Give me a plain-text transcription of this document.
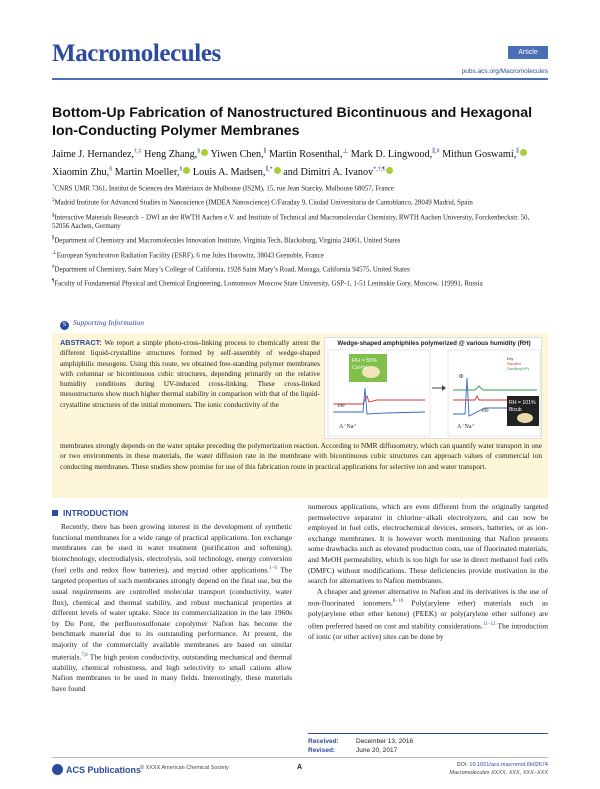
Macromolecules	Article
pubs.acs.org/Macromolecules
Bottom-Up Fabrication of Nanostructured Bicontinuous and Hexagonal Ion-Conducting Polymer Membranes
Jaime J. Hernandez,†,‡ Heng Zhang,§ Yiwen Chen,∥ Martin Rosenthal,⊥ Mark D. Lingwood,∥,# Mithun Goswami,∥ Xiaomin Zhu,§ Martin Moeller,§ Louis A. Madsen,∥,* and Dimitri A. Ivanov*,†,¶

†CNRS UMR 7361, Institut de Sciences des Matériaux de Mulhouse (IS2M), 15, rue Jean Starcky, Mulhouse 68057, France

‡Madrid Institute for Advanced Studies in Nanoscience (IMDEA Nanoscience) C/Faraday 9, Ciudad Universitaria de Cantoblanco, 28049 Madrid, Spain

§Interactive Materials Research − DWI an der RWTH Aachen e.V. and Institute of Technical and Macromolecular Chemistry, RWTH Aachen University, Forckenbeckstr. 50, 52056 Aachen, Germany

∥Department of Chemistry and Macromolecules Innovation Institute, Virginia Tech, Blacksburg, Virginia 24061, United States

⊥European Synchrotron Radiation Facility (ESRF), 6 rue Jules Horowitz, 38043 Grenoble, France

#Department of Chemistry, Saint Mary’s College of California, 1928 Saint Mary’s Road, Moraga, California 94575, United States

¶Faculty of Fundamental Physical and Chemical Engineering, Lomonosov Moscow State University, GSP-1, 1-51 Leninskie Gory, Moscow, 119991, Russia

S Supporting Information
ABSTRACT: We report a simple photo-cross-linking process to chemically arrest the different liquid-crystalline structures formed by self-assembly of wedge-shaped amphiphilic mesogens. Using this route, we obtained free-standing polymer membranes with columnar or bicontinuous cubic structures, depending primarily on the relative humidity conditions during UV-induced cross-linking. These cross-linked mesostructures show much higher thermal stability in comparison with that of the liquid-crystalline structures of the initial monomers. The ionic conductivity of the
membranes strongly depends on the water uptake preceding the polymerization reaction. According to NMR diffusometry, which can quantify water transport in one or two environments in these materials, the water diffusion rate in the membrane with bicontinuous cubic structures can approach values of commercial ion conducting membranes. These studies show promise for use of this fabrication route in practical applications for selective ion and water transport.
Wedge-shaped amphiphiles polymerized @ various humidity (RH)
RH = 55%
Col-hd
100
A⁻Na⁺
Φ
A⁻Na⁺
100
RH = 101%
Bicub
Dry
Swollen
Swollen(HP)
INTRODUCTION

Recently, there has been growing interest in the development of synthetic functional membranes for a wide range of practical applications. Ion exchange membranes can be used in water treatment (purification and softening), biotechnology, electrodialysis, electrolysis, soil technology, energy conversion (fuel cells and redox flow batteries), and myriad other applications.$^{1-6}$ The targeted properties of such membranes strongly depend on the final use, but the usual requirements are controlled molecular transport (conductivity, water flux), chemical and thermal stability, and robust mechanical properties at different levels of water uptake. Since its commercialization in the late 1960s by Du Pont, the perfluorosulfonate copolymer Nafion has become the benchmark material due to its outstanding performance. At present, the majority of the commercially available membranes are based on similar materials.$^{7,8}$ The high proton conductivity, outstanding mechanical and thermal stability, chemical robustness, and high selectivity to small cations allow Nafion membranes to be used in many fields. Interestingly, these materials have found

numerous applications, which are even different from the originally targeted permselective separator in chlorine−alkali electrolyzers, and can now be employed in fuel cells, electrochemical devices, sensors, batteries, or as ion-exchange membranes. It is however worth mentioning that Nafion presents some drawbacks such as elevated production costs, use of fluorinated materials, and MeOH permeability, which is too high for use in direct methanol fuel cells (DMFC) without modifications. These deficiencies provide motivation in the search for alternatives to Nafion membranes.

A cheaper and greener alternative to Nafion and its derivatives is the use of non-fluorinated ionomers.$^{8-10}$ Poly(arylene ether) materials such as poly(arylene ether ether ketone) (PEEK) or poly(arylene ether sulfone) are often preferred based on cost and stability considerations.$^{11-12}$ The introduction of ionic (or other active) sites can be done by

Received:	December 13, 2016
Revised:	June 20, 2017
ACS Publications
© XXXX American Chemical Society	A	DOI: 10.1021/acs.macromol.6b02674
Macromolecules XXXX, XXX, XXX−XXX
